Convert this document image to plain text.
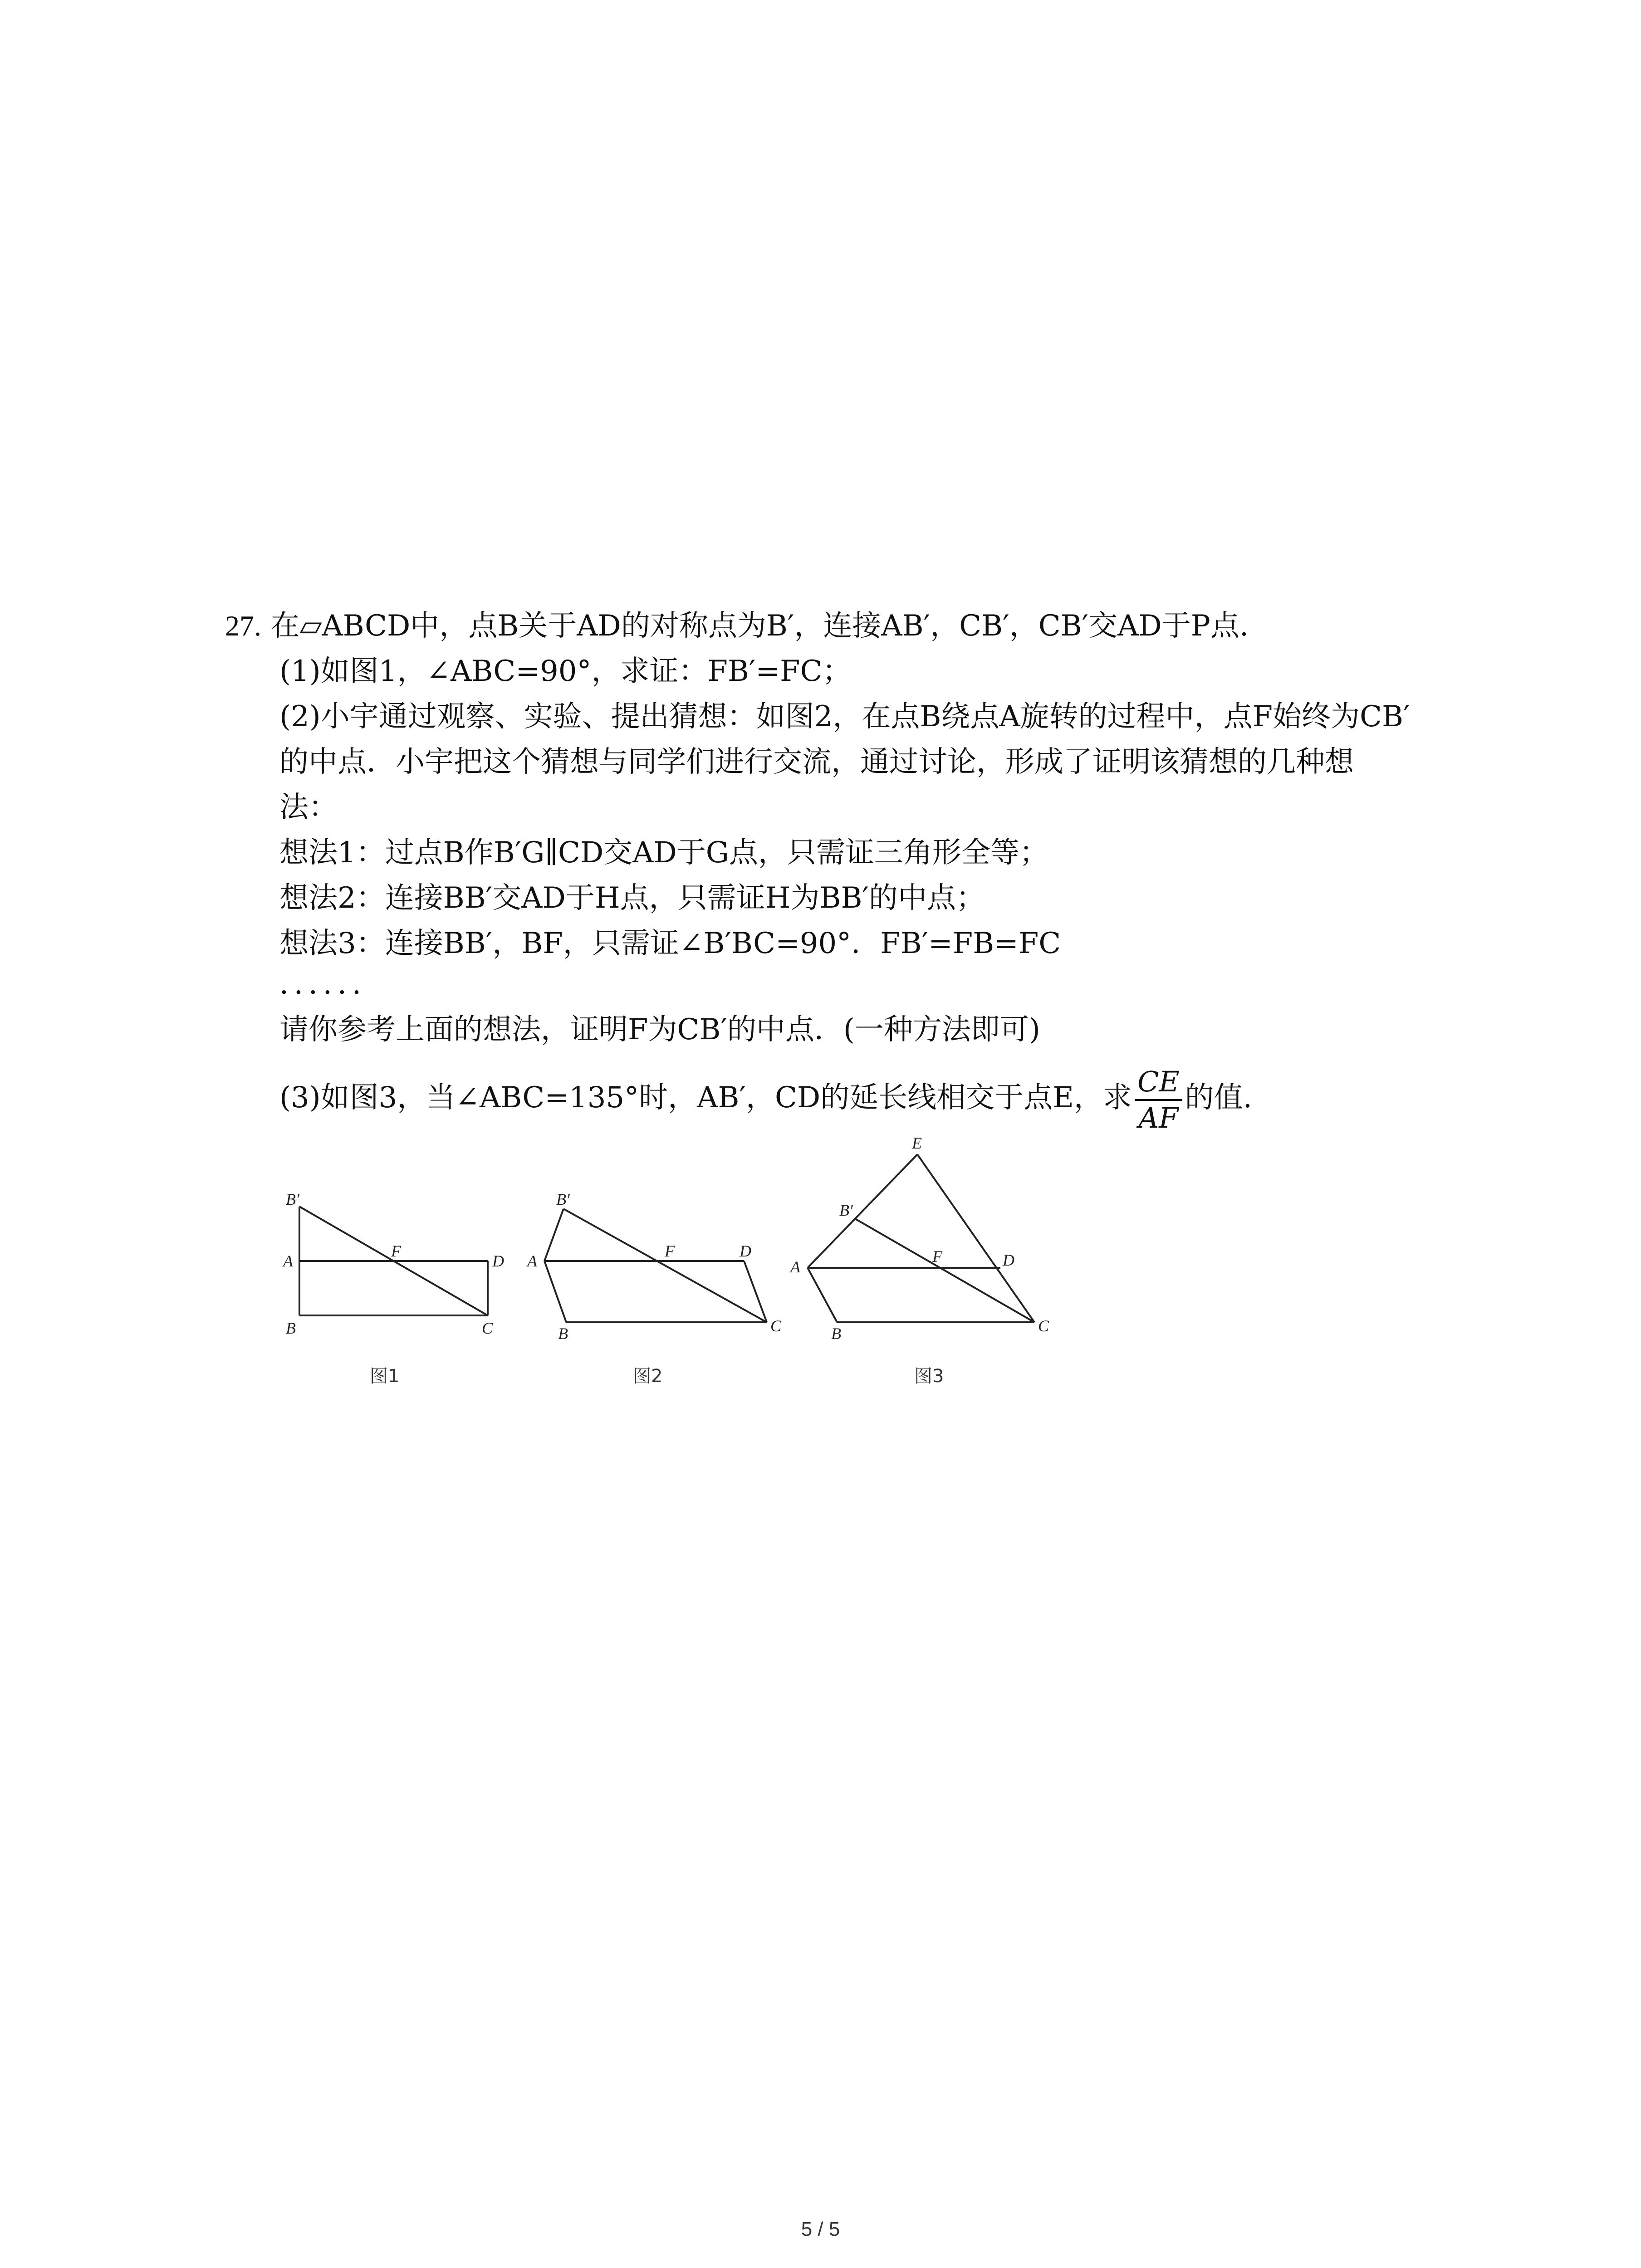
27. 在▱ABCD中，点B关于AD的对称点为B′，连接AB′，CB′，CB′交AD于P点.
(1)如图1，∠ABC=90°，求证：FB′=FC；
(2)小宇通过观察、实验、提出猜想：如图2，在点B绕点A旋转的过程中，点F始终为CB′
的中点．小宇把这个猜想与同学们进行交流，通过讨论，形成了证明该猜想的几种想
法：
想法1：过点B作B′G∥CD交AD于G点，只需证三角形全等；
想法2：连接BB′交AD于H点，只需证H为BB′的中点；
想法3：连接BB′，BF，只需证∠B′BC=90°．FB′=FB=FC
．．．．．．
请你参考上面的想法，证明F为CB′的中点．(一种方法即可)
(3)如图3，当∠ABC=135°时，AB′，CD的延长线相交于点E，求 $\frac{CE}{AF}$ 的值.
B′
A
F
D
B	C
图1
B′
A
F	D
B	C
图2
E
B′
A
F	D
B	C
图3
5 / 5
